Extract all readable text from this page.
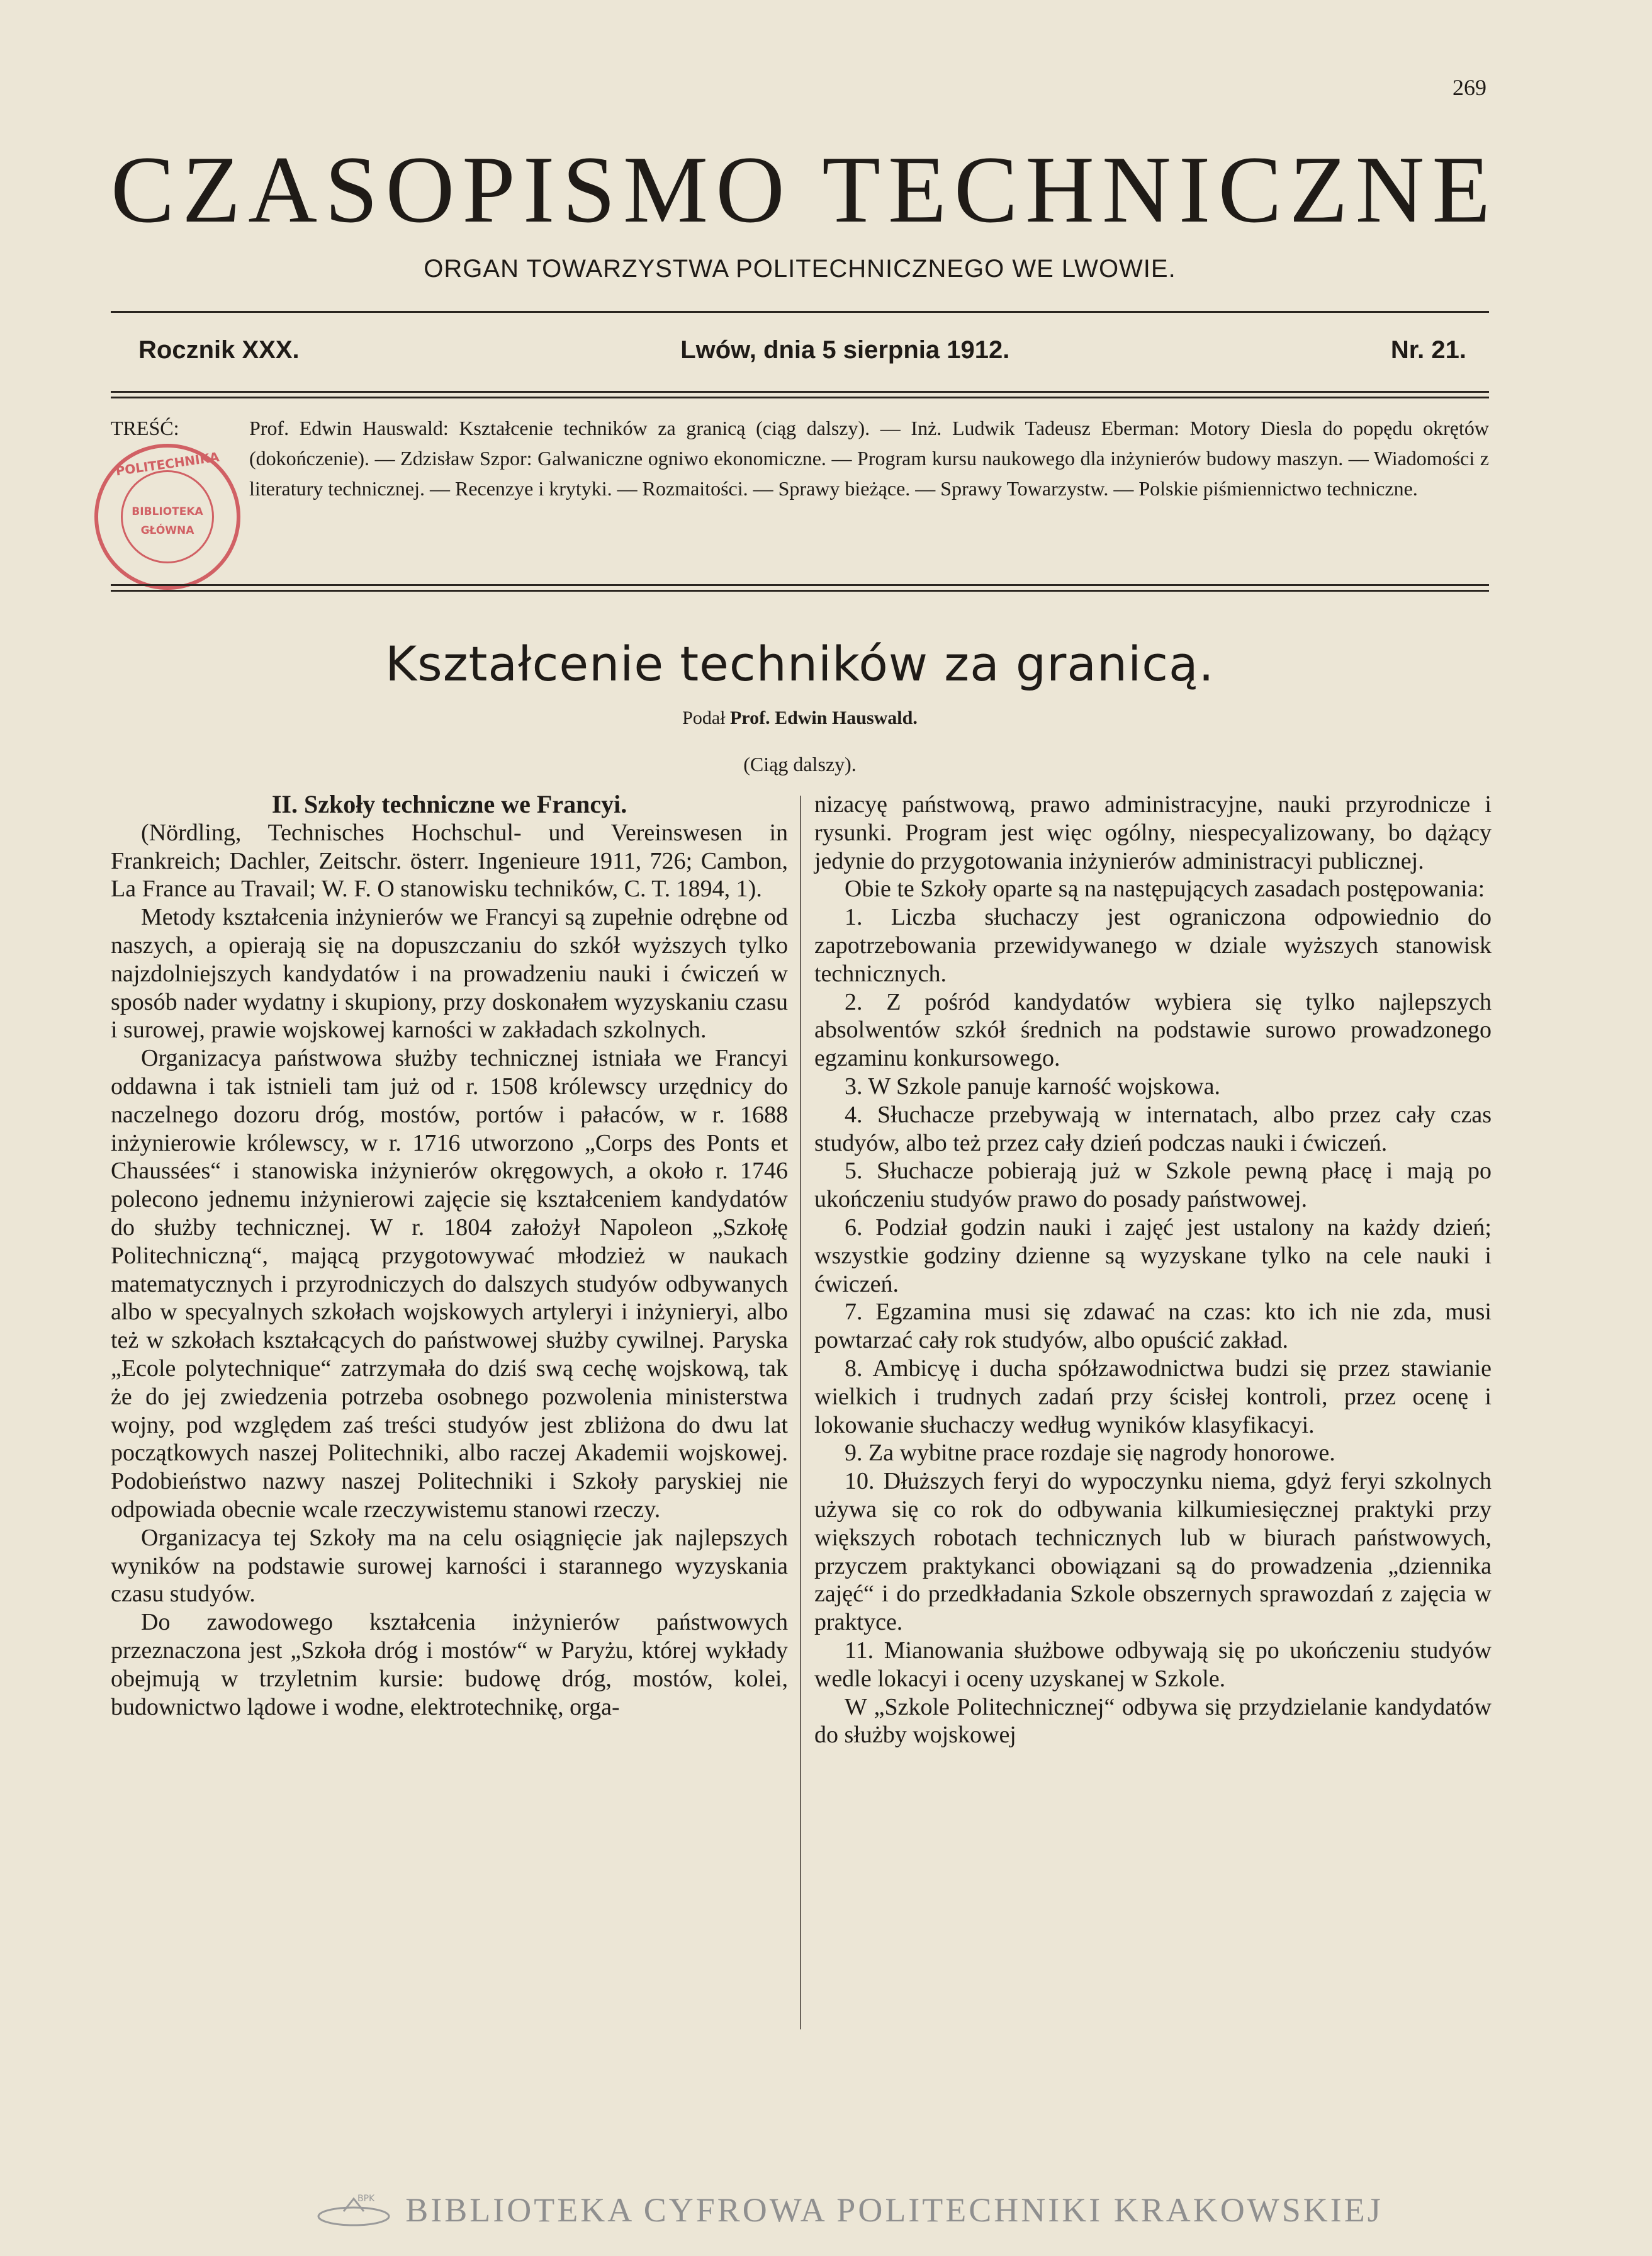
269
CZASOPISMO TECHNICZNE
ORGAN TOWARZYSTWA POLITECHNICZNEGO WE LWOWIE.
Rocznik XXX.	Lwów, dnia 5 sierpnia 1912.	Nr. 21.
TREŚĆ:	Prof. Edwin Hauswald: Kształcenie techników za granicą (ciąg dalszy). — Inż. Ludwik Tadeusz Eberman: Motory Diesla do popędu okrętów (dokończenie). — Zdzisław Szpor: Galwaniczne ogniwo ekonomiczne. — Program kursu naukowego dla inżynierów budowy maszyn. — Wiadomości z literatury technicznej. — Recenzye i krytyki. — Rozmaitości. — Sprawy bieżące. — Sprawy Towarzystw. — Polskie piśmiennictwo techniczne.
POLITECHNIKA
BIBLIOTEKA
GŁÓWNA
Kształcenie techników za granicą.
Podał Prof. Edwin Hauswald.
(Ciąg dalszy).

II. Szkoły techniczne we Francyi.

(Nördling, Technisches Hochschul- und Vereinswesen in Frankreich; Dachler, Zeitschr. österr. Ingenieure 1911, 726; Cambon, La France au Travail; W. F. O stanowisku techników, C. T. 1894, 1).

Metody kształcenia inżynierów we Francyi są zupełnie odrębne od naszych, a opierają się na dopuszczaniu do szkół wyższych tylko najzdolniejszych kandydatów i na prowadzeniu nauki i ćwiczeń w sposób nader wydatny i skupiony, przy doskonałem wyzyskaniu czasu i surowej, prawie wojskowej karności w zakładach szkolnych.

Organizacya państwowa służby technicznej istniała we Francyi oddawna i tak istnieli tam już od r. 1508 królewscy urzędnicy do naczelnego dozoru dróg, mostów, portów i pałaców, w r. 1688 inżynierowie królewscy, w r. 1716 utworzono „Corps des Ponts et Chaussées“ i stanowiska inżynierów okręgowych, a około r. 1746 polecono jednemu inżynierowi zajęcie się kształceniem kandydatów do służby technicznej. W r. 1804 założył Napoleon „Szkołę Politechniczną“, mającą przygotowywać młodzież w naukach matematycznych i przyrodniczych do dalszych studyów odbywanych albo w specyalnych szkołach wojskowych artyleryi i inżynieryi, albo też w szkołach kształcących do państwowej służby cywilnej. Paryska „Ecole polytechnique“ zatrzymała do dziś swą cechę wojskową, tak że do jej zwiedzenia potrzeba osobnego pozwolenia ministerstwa wojny, pod względem zaś treści studyów jest zbliżona do dwu lat początkowych naszej Politechniki, albo raczej Akademii wojskowej. Podobieństwo nazwy naszej Politechniki i Szkoły paryskiej nie odpowiada obecnie wcale rzeczywistemu stanowi rzeczy.

Organizacya tej Szkoły ma na celu osiągnięcie jak najlepszych wyników na podstawie surowej karności i starannego wyzyskania czasu studyów.

Do zawodowego kształcenia inżynierów państwowych przeznaczona jest „Szkoła dróg i mostów“ w Paryżu, której wykłady obejmują w trzyletnim kursie: budowę dróg, mostów, kolei, budownictwo lądowe i wodne, elektrotechnikę, orga-

nizacyę państwową, prawo administracyjne, nauki przyrodnicze i rysunki. Program jest więc ogólny, niespecyalizowany, bo dążący jedynie do przygotowania inżynierów administracyi publicznej.

Obie te Szkoły oparte są na następujących zasadach postępowania:

1. Liczba słuchaczy jest ograniczona odpowiednio do zapotrzebowania przewidywanego w dziale wyższych stanowisk technicznych.

2. Z pośród kandydatów wybiera się tylko najlepszych absolwentów szkół średnich na podstawie surowo prowadzonego egzaminu konkursowego.

3. W Szkole panuje karność wojskowa.

4. Słuchacze przebywają w internatach, albo przez cały czas studyów, albo też przez cały dzień podczas nauki i ćwiczeń.

5. Słuchacze pobierają już w Szkole pewną płacę i mają po ukończeniu studyów prawo do posady państwowej.

6. Podział godzin nauki i zajęć jest ustalony na każdy dzień; wszystkie godziny dzienne są wyzyskane tylko na cele nauki i ćwiczeń.

7. Egzamina musi się zdawać na czas: kto ich nie zda, musi powtarzać cały rok studyów, albo opuścić zakład.

8. Ambicyę i ducha spółzawodnictwa budzi się przez stawianie wielkich i trudnych zadań przy ścisłej kontroli, przez ocenę i lokowanie słuchaczy według wyników klasyfikacyi.

9. Za wybitne prace rozdaje się nagrody honorowe.

10. Dłuższych feryi do wypoczynku niema, gdyż feryi szkolnych używa się co rok do odbywania kilkumiesięcznej praktyki przy większych robotach technicznych lub w biurach państwowych, przyczem praktykanci obowiązani są do prowadzenia „dziennika zajęć“ i do przedkładania Szkole obszernych sprawozdań z zajęcia w praktyce.

11. Mianowania służbowe odbywają się po ukończeniu studyów wedle lokacyi i oceny uzyskanej w Szkole.

W „Szkole Politechnicznej“ odbywa się przydzielanie kandydatów do służby wojskowej

BPK BIBLIOTEKA CYFROWA POLITECHNIKI KRAKOWSKIEJ
